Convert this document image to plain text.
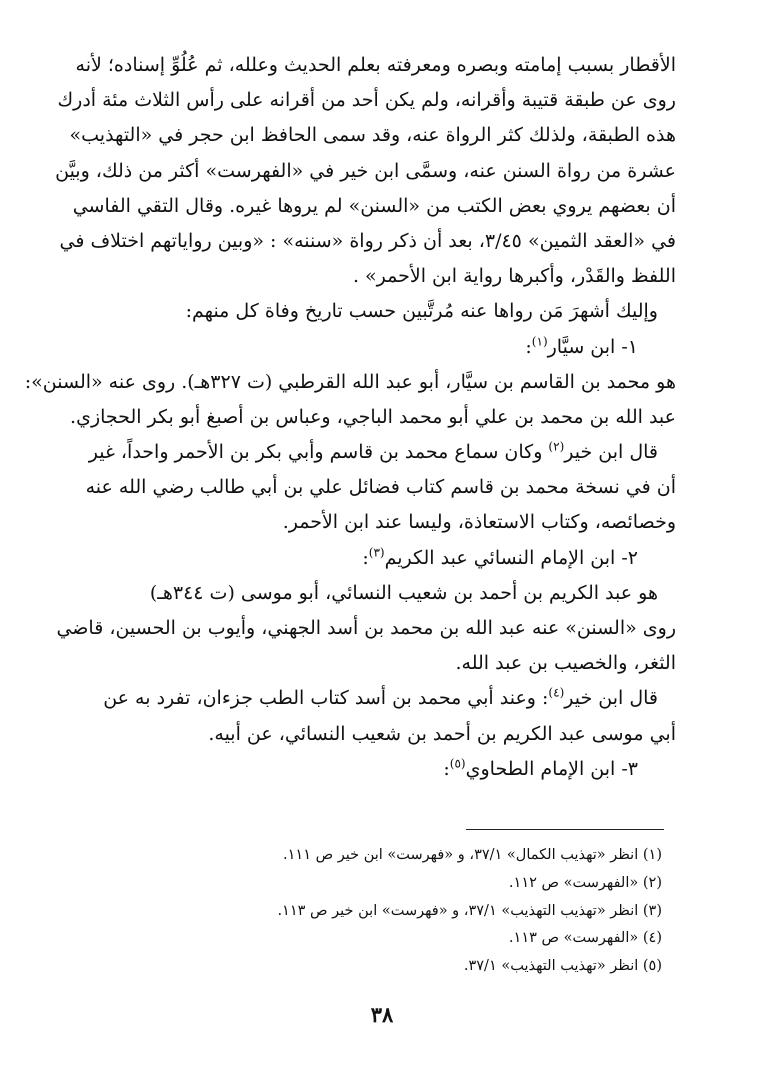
الأقطار بسبب إمامته وبصره ومعرفته بعلم الحديث وعلله، ثم عُلُوِّ إسناده؛ لأنه
روى عن طبقة قتيبة وأقرانه، ولم يكن أحد من أقرانه على رأس الثلاث مئة أدرك
هذه الطبقة، ولذلك كثر الرواة عنه، وقد سمى الحافظ ابن حجر في «التهذيب»
عشرة من رواة السنن عنه، وسمَّى ابن خير في «الفهرست» أكثر من ذلك، وبيَّن
أن بعضهم يروي بعض الكتب من «السنن» لم يروها غيره. وقال التقي الفاسي
في «العقد الثمين» ٣/٤٥، بعد أن ذكر رواة «سننه» : «وبين رواياتهم اختلاف في
اللفظ والقَدْر، وأكبرها رواية ابن الأحمر» .
وإليك أشهرَ مَن رواها عنه مُرتَّبين حسب تاريخ وفاة كل منهم:
١- ابن سيَّار$^{(١)}$:
هو محمد بن القاسم بن سيَّار، أبو عبد الله القرطبي (ت ٣٢٧هـ). روى عنه «السنن»:
عبد الله بن محمد بن علي أبو محمد الباجي، وعباس بن أصبغ أبو بكر الحجازي.
قال ابن خير$^{(٢)}$ وكان سماع محمد بن قاسم وأبي بكر بن الأحمر واحداً، غير
أن في نسخة محمد بن قاسم كتاب فضائل علي بن أبي طالب رضي الله عنه
وخصائصه، وكتاب الاستعاذة، وليسا عند ابن الأحمر.
٢- ابن الإمام النسائي عبد الكريم$^{(٣)}$:
هو عبد الكريم بن أحمد بن شعيب النسائي، أبو موسى (ت ٣٤٤هـ)
روى «السنن» عنه عبد الله بن محمد بن أسد الجهني، وأيوب بن الحسين، قاضي
الثغر، والخصيب بن عبد الله.
قال ابن خير$^{(٤)}$: وعند أبي محمد بن أسد كتاب الطب جزءان، تفرد به عن
أبي موسى عبد الكريم بن أحمد بن شعيب النسائي، عن أبيه.
٣- ابن الإمام الطحاوي$^{(٥)}$:
(١) انظر «تهذيب الكمال» ٣٧/١، و «فهرست» ابن خير ص ١١١.
(٢) «الفهرست» ص ١١٢.
(٣) انظر «تهذيب التهذيب» ٣٧/١، و «فهرست» ابن خير ص ١١٣.
(٤) «الفهرست» ص ١١٣.
(٥) انظر «تهذيب التهذيب» ٣٧/١.
٣٨
